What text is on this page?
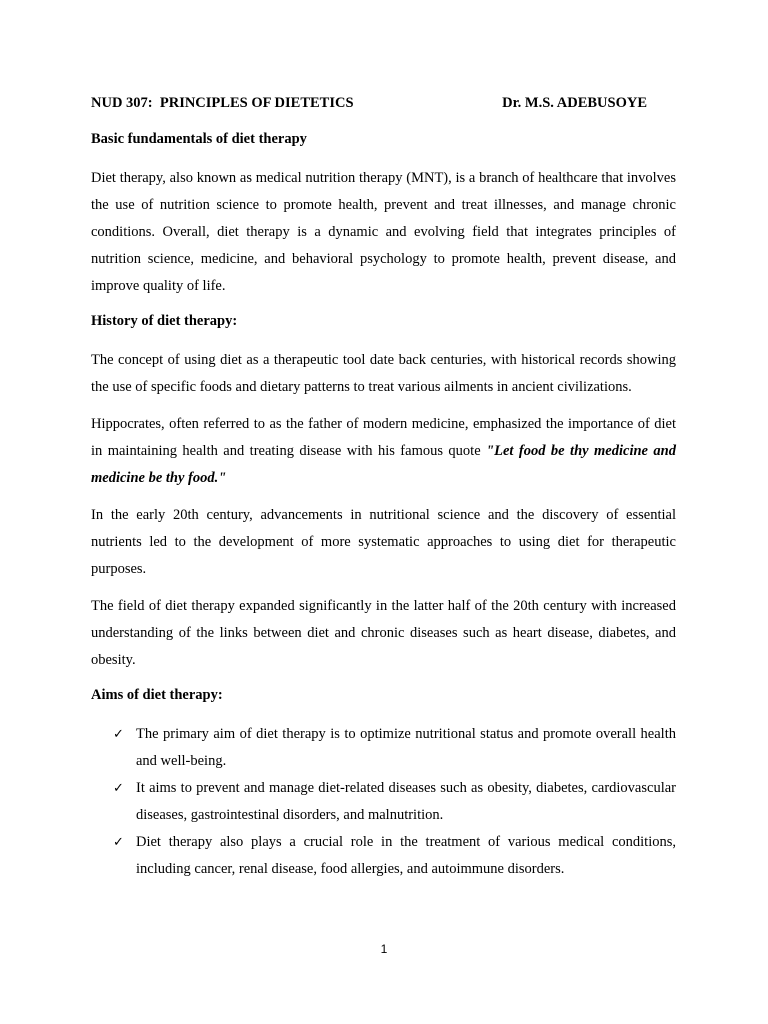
NUD 307:  PRINCIPLES OF DIETETICS	Dr. M.S. ADEBUSOYE
Basic fundamentals of diet therapy

Diet therapy, also known as medical nutrition therapy (MNT), is a branch of healthcare that involves the use of nutrition science to promote health, prevent and treat illnesses, and manage chronic conditions. Overall, diet therapy is a dynamic and evolving field that integrates principles of nutrition science, medicine, and behavioral psychology to promote health, prevent disease, and improve quality of life.

History of diet therapy:

The concept of using diet as a therapeutic tool date back centuries, with historical records showing the use of specific foods and dietary patterns to treat various ailments in ancient civilizations.

Hippocrates, often referred to as the father of modern medicine, emphasized the importance of diet in maintaining health and treating disease with his famous quote "Let food be thy medicine and medicine be thy food."

In the early 20th century, advancements in nutritional science and the discovery of essential nutrients led to the development of more systematic approaches to using diet for therapeutic purposes.

The field of diet therapy expanded significantly in the latter half of the 20th century with increased understanding of the links between diet and chronic diseases such as heart disease, diabetes, and obesity.

Aims of diet therapy:
✓ The primary aim of diet therapy is to optimize nutritional status and promote overall health and well-being.
✓ It aims to prevent and manage diet-related diseases such as obesity, diabetes, cardiovascular diseases, gastrointestinal disorders, and malnutrition.
✓ Diet therapy also plays a crucial role in the treatment of various medical conditions, including cancer, renal disease, food allergies, and autoimmune disorders.
1
